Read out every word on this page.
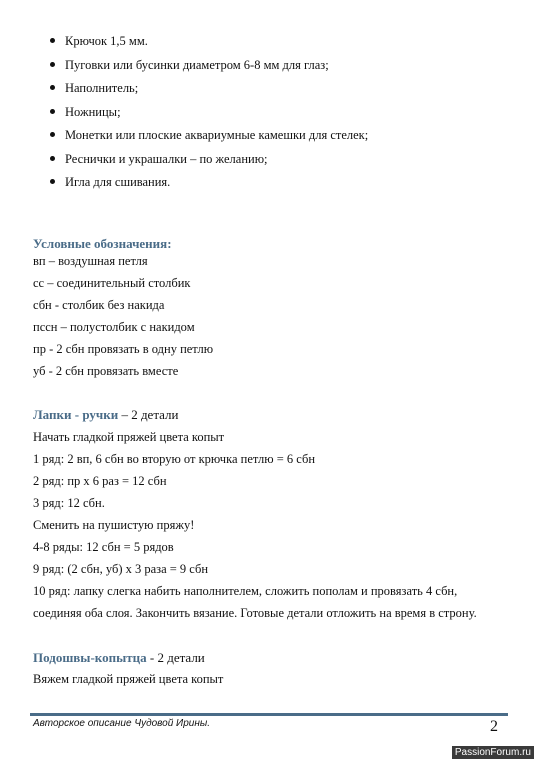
Крючок 1,5 мм.
Пуговки или бусинки диаметром 6-8 мм для глаз;
Наполнитель;
Ножницы;
Монетки или плоские аквариумные камешки для стелек;
Реснички и украшалки – по желанию;
Игла для сшивания.
Условные обозначения:
вп – воздушная петля
сс – соединительный столбик
сбн - столбик без накида
пссн – полустолбик с накидом
пр - 2 сбн провязать в одну петлю
уб - 2 сбн провязать вместе
Лапки - ручки – 2 детали
Начать гладкой пряжей цвета копыт
1 ряд: 2 вп, 6 сбн во вторую от крючка петлю = 6 сбн
2 ряд: пр х 6 раз = 12 сбн
3 ряд: 12 сбн.
Сменить на пушистую пряжу!
4-8 ряды: 12 сбн = 5 рядов
9 ряд: (2 сбн, уб) х 3 раза = 9 сбн
10 ряд: лапку слегка набить наполнителем, сложить пополам и провязать 4 сбн,
соединяя оба слоя. Закончить вязание. Готовые детали отложить на время в строну.
Подошвы-копытца - 2 детали
Вяжем гладкой пряжей цвета копыт
Авторское описание Чудовой Ирины.	2
PassionForum.ru
